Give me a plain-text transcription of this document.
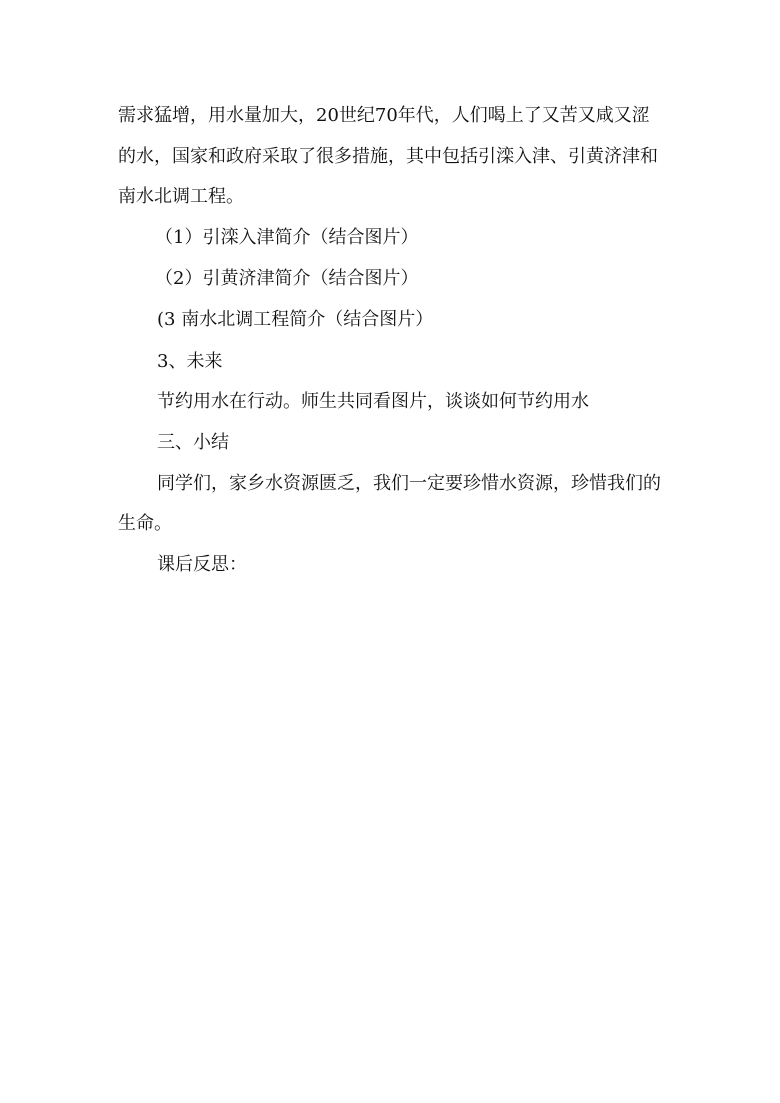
需求猛增，用水量加大，20世纪70年代，人们喝上了又苦又咸又涩
的水，国家和政府采取了很多措施，其中包括引滦入津、引黄济津和
南水北调工程。
（1）引滦入津简介（结合图片）
（2）引黄济津简介（结合图片）
(3 南水北调工程简介（结合图片）
3、未来
节约用水在行动。师生共同看图片，谈谈如何节约用水
三、小结
同学们，家乡水资源匮乏，我们一定要珍惜水资源，珍惜我们的
生命。
课后反思：
